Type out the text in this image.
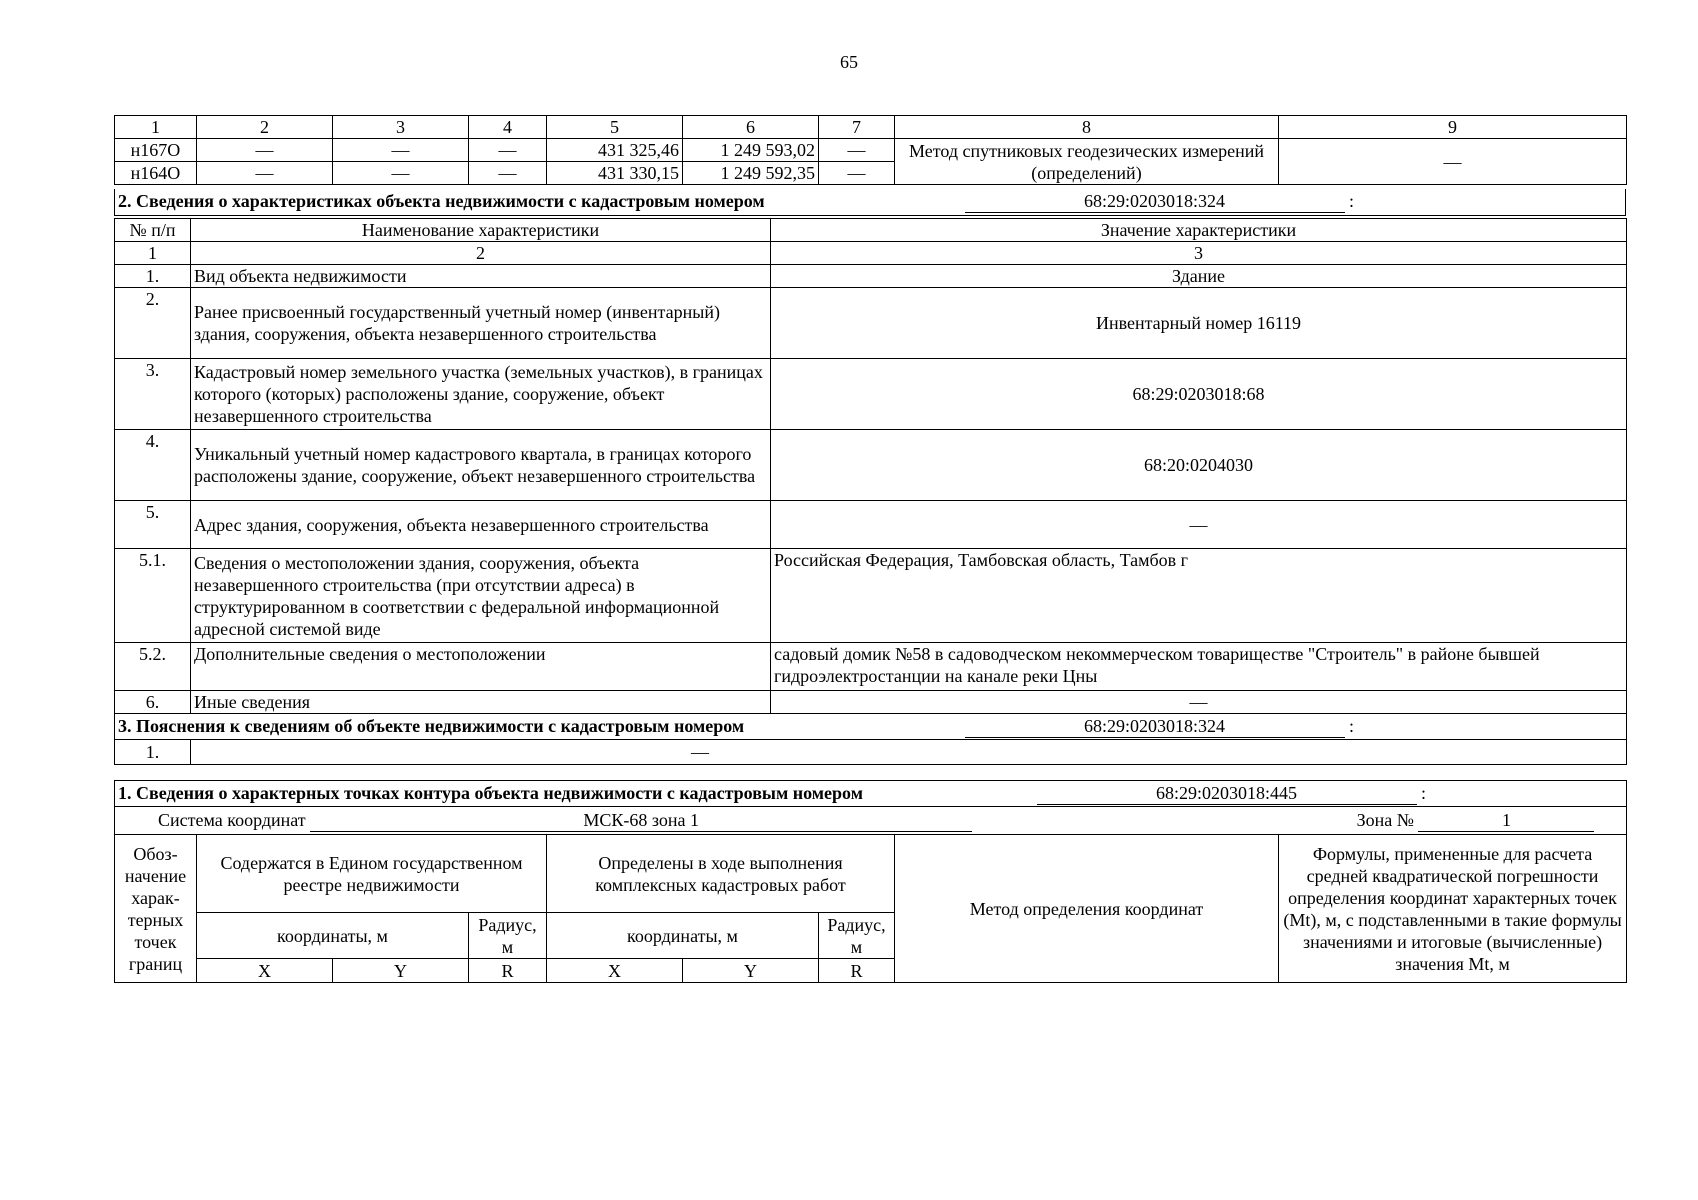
65
1	2	3	4	5	6	7	8	9
н167О	—	—	—	431 325,46	1 249 593,02	—	Метод спутниковых геодезических измерений (определений)	—
н164О	—	—	—	431 330,15	1 249 592,35	—		
2. Сведения о характеристиках объекта недвижимости с кадастровым номером	68:29:0203018:324	:
№ п/п	Наименование характеристики	Значение характеристики
1	2	3
1.	Вид объекта недвижимости	Здание
2.	Ранее присвоенный государственный учетный номер (инвентарный) здания, сооружения, объекта незавершенного строительства	Инвентарный номер 16119
3.	Кадастровый номер земельного участка (земельных участков), в границах которого (которых) расположены здание, сооружение, объект незавершенного строительства	68:29:0203018:68
4.	Уникальный учетный номер кадастрового квартала, в границах которого расположены здание, сооружение, объект незавершенного строительства	68:20:0204030
5.	Адрес здания, сооружения, объекта незавершенного строительства	—
5.1.	Сведения о местоположении здания, сооружения, объекта незавершенного строительства (при отсутствии адреса) в структурированном в соответствии с федеральной информационной адресной системой виде	Российская Федерация, Тамбовская область, Тамбов г
5.2.	Дополнительные сведения о местоположении	садовый домик №58 в садоводческом некоммерческом товариществе "Строитель" в районе бывшей гидроэлектростанции на канале реки Цны
6.	Иные сведения	—
3. Пояснения к сведениям об объекте недвижимости с кадастровым номером 68:29:0203018:324 :		
1.	—	
1. Сведения о характерных точках контура объекта недвижимости с кадастровым номером 68:29:0203018:445 :								
Система координат МСК-68 зона 1 Зона № 1								
Обоз-начение харак-терных точек границ	Содержатся в Едином государственном реестре недвижимости			Определены в ходе выполнения комплексных кадастровых работ			Метод определения координат	Формулы, примененные для расчета средней квадратической погрешности определения координат характерных точек (Mt), м, с подставленными в такие формулы значениями и итоговые (вычисленные) значения Mt, м
	координаты, м		Радиус, м	координаты, м		Радиус, м		
	X	Y	R	X	Y	R		
